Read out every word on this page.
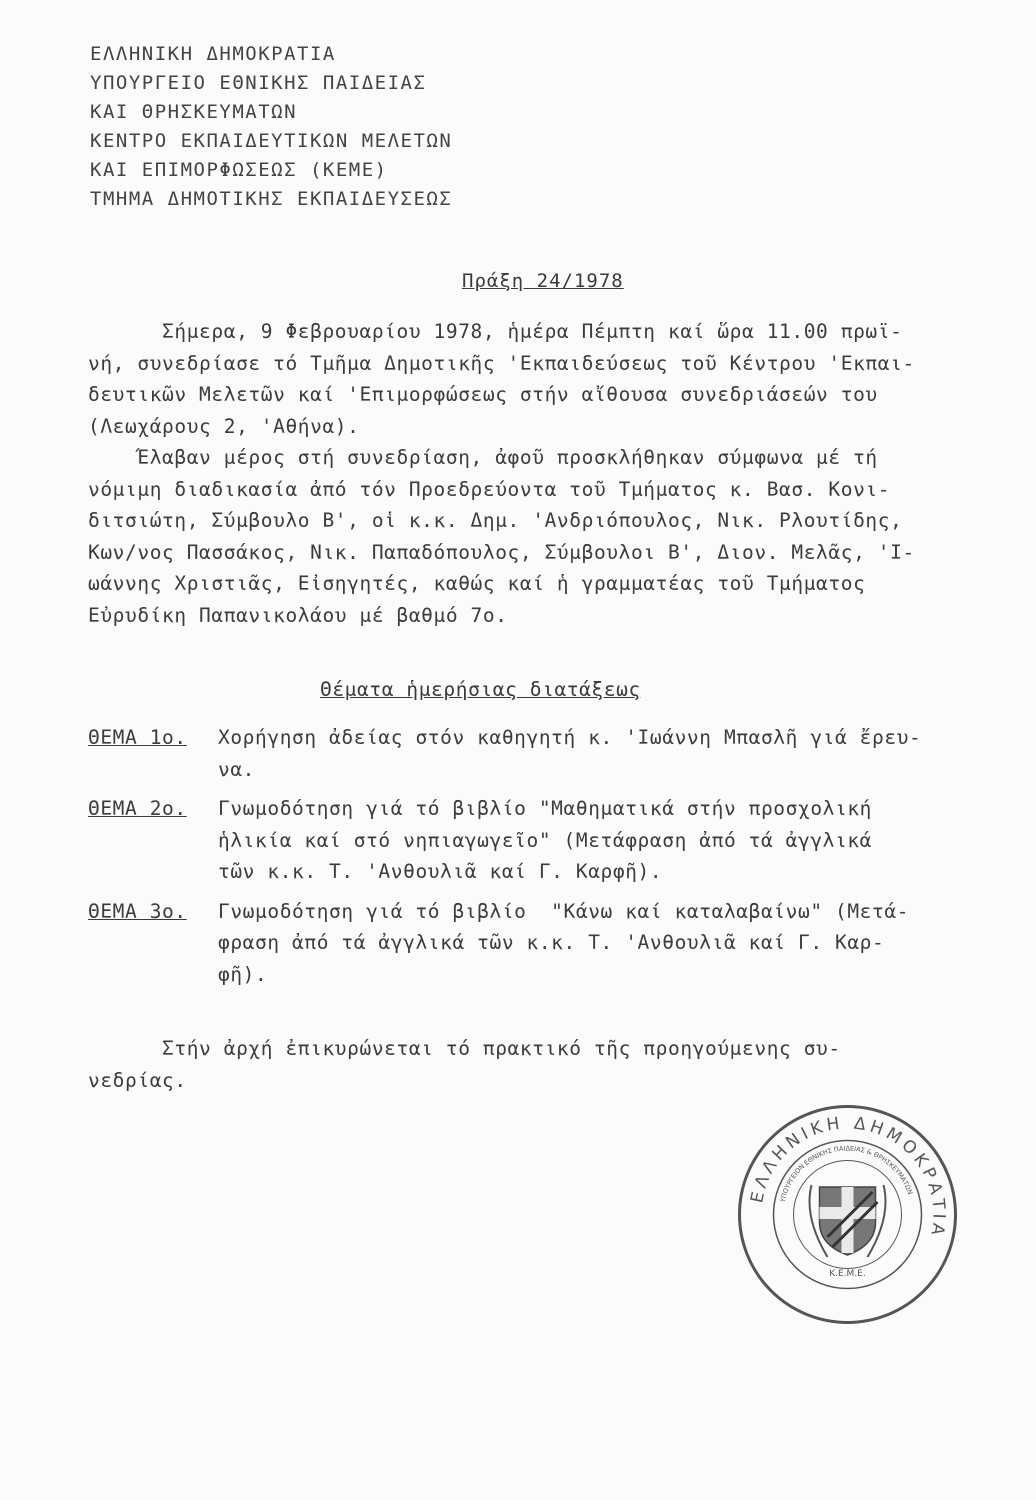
ΕΛΛΗΝΙΚΗ ΔΗΜΟΚΡΑΤΙΑ
ΥΠΟΥΡΓΕΙΟ ΕΘΝΙΚΗΣ ΠΑΙΔΕΙΑΣ
ΚΑΙ ΘΡΗΣΚΕΥΜΑΤΩΝ
ΚΕΝΤΡΟ ΕΚΠΑΙΔΕΥΤΙΚΩΝ ΜΕΛΕΤΩΝ
ΚΑΙ ΕΠΙΜΟΡΦΩΣΕΩΣ (ΚΕΜΕ)
ΤΜΗΜΑ ΔΗΜΟΤΙΚΗΣ ΕΚΠΑΙΔΕΥΣΕΩΣ
Πράξη 24/1978
Σήμερα, 9 Φεβρουαρίου 1978, ἡμέρα Πέμπτη καί ὥρα 11.00 πρωϊ-
νή, συνεδρίασε τό Τμῆμα Δημοτικῆς 'Εκπαιδεύσεως τοῦ Κέντρου 'Εκπαι-
δευτικῶν Μελετῶν καί 'Επιμορφώσεως στήν αἴθουσα συνεδριάσεών του
(Λεωχάρους 2, 'Αθήνα).
Έλαβαν μέρος στή συνεδρίαση, ἀφοῦ προσκλήθηκαν σύμφωνα μέ τή
νόμιμη διαδικασία ἀπό τόν Προεδρεύοντα τοῦ Τμήματος κ. Βασ. Κονι-
διτσιώτη, Σύμβουλο Β', οἱ κ.κ. Δημ. 'Ανδριόπουλος, Νικ. Ρλουτίδης,
Κων/νος Πασσάκος, Νικ. Παπαδόπουλος, Σύμβουλοι Β', Διον. Μελᾶς, 'Ι-
ωάννης Χριστιᾶς, Εἰσηγητές, καθώς καί ἡ γραμματέας τοῦ Τμήματος
Εὐρυδίκη Παπανικολάου μέ βαθμό 7ο.
Θέματα ἡμερήσιας διατάξεως
ΘΕΜΑ 1ο.	Χορήγηση ἀδείας στόν καθηγητή κ. 'Ιωάννη Μπασλῆ γιά ἔρευ-
να.
ΘΕΜΑ 2ο.	Γνωμοδότηση γιά τό βιβλίο "Μαθηματικά στήν προσχολική
ἡλικία καί στό νηπιαγωγεῖο" (Μετάφραση ἀπό τά ἀγγλικά
τῶν κ.κ. Τ. 'Ανθουλιᾶ καί Γ. Καρφῆ).
ΘΕΜΑ 3ο.	Γνωμοδότηση γιά τό βιβλίο  "Κάνω καί καταλαβαίνω" (Μετά-
φραση ἀπό τά ἀγγλικά τῶν κ.κ. Τ. 'Ανθουλιᾶ καί Γ. Καρ-
φῆ).
Στήν ἀρχή ἐπικυρώνεται τό πρακτικό τῆς προηγούμενης συ-
νεδρίας.
ΕΛΛΗΝΙΚΗ ΔΗΜΟΚΡΑΤΙΑ
ΥΠΟΥΡΓΕΙΟΝ ΕΘΝΙΚΗΣ ΠΑΙΔΕΙΑΣ & ΘΡΗΣΚΕΥΜΑΤΩΝ
Κ.Ε.Μ.Ε.
